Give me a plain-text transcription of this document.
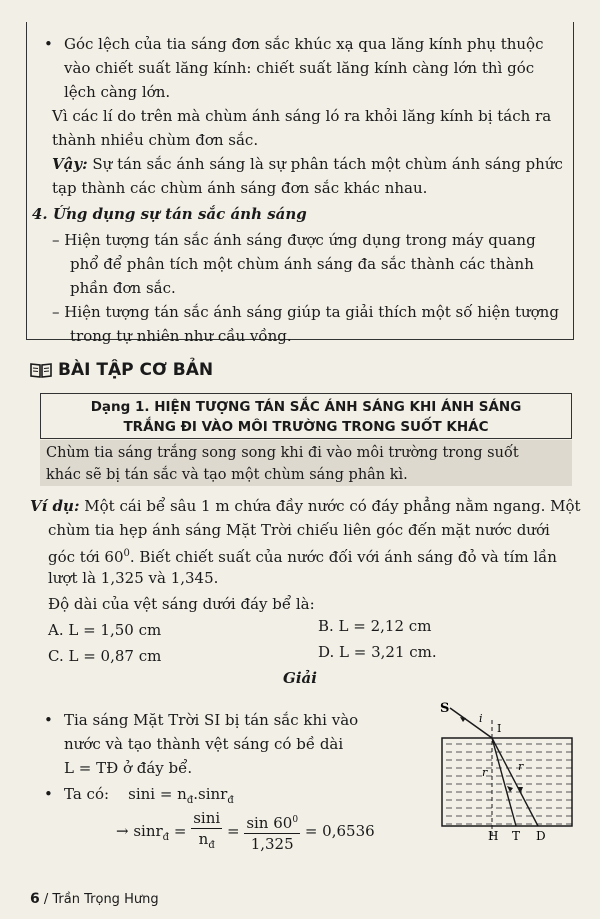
• Góc lệch của tia sáng đơn sắc khúc xạ qua lăng kính phụ thuộc
vào chiết suất lăng kính: chiết suất lăng kính càng lớn thì góc
lệch càng lớn.
Vì các lí do trên mà chùm ánh sáng ló ra khỏi lăng kính bị tách ra
thành nhiều chùm đơn sắc.
Vậy: Sự tán sắc ánh sáng là sự phân tách một chùm ánh sáng phức
tạp thành các chùm ánh sáng đơn sắc khác nhau.
4. Ứng dụng sự tán sắc ánh sáng
– Hiện tượng tán sắc ánh sáng được ứng dụng trong máy quang
phổ để phân tích một chùm ánh sáng đa sắc thành các thành
phần đơn sắc.
– Hiện tượng tán sắc ánh sáng giúp ta giải thích một số hiện tượng
trong tự nhiên như cầu vồng.
BÀI TẬP CƠ BẢN
Dạng 1. HIỆN TƯỢNG TÁN SẮC ÁNH SÁNG KHI ÁNH SÁNG
TRẮNG ĐI VÀO MÔI TRƯỜNG TRONG SUỐT KHÁC
Chùm tia sáng trắng song song khi đi vào môi trường trong suốt
khác sẽ bị tán sắc và tạo một chùm sáng phân kì.
Ví dụ: Một cái bể sâu 1 m chứa đầy nước có đáy phẳng nằm ngang. Một
chùm tia hẹp ánh sáng Mặt Trời chiếu liên góc đến mặt nước dưới
góc tới $60^0$. Biết chiết suất của nước đối với ánh sáng đỏ và tím lần
lượt là 1,325 và 1,345.
Độ dài của vệt sáng dưới đáy bể là:
A. L = 1,50 cm	B. L = 2,12 cm
C. L = 0,87 cm	D. L = 3,21 cm.
Giải
• Tia sáng Mặt Trời SI bị tán sắc khi vào
nước và tạo thành vệt sáng có bề dài
L = TĐ ở đáy bể.
• Ta có: $\sin i = n_đ.\sin r_đ$
→ $\sin r_đ = \frac{\sin i}{n_đ} = \frac{\sin 60^0}{1,325} = 0,6536$
S
i
I
r	r
H T D
6 / Trần Trọng Hưng
